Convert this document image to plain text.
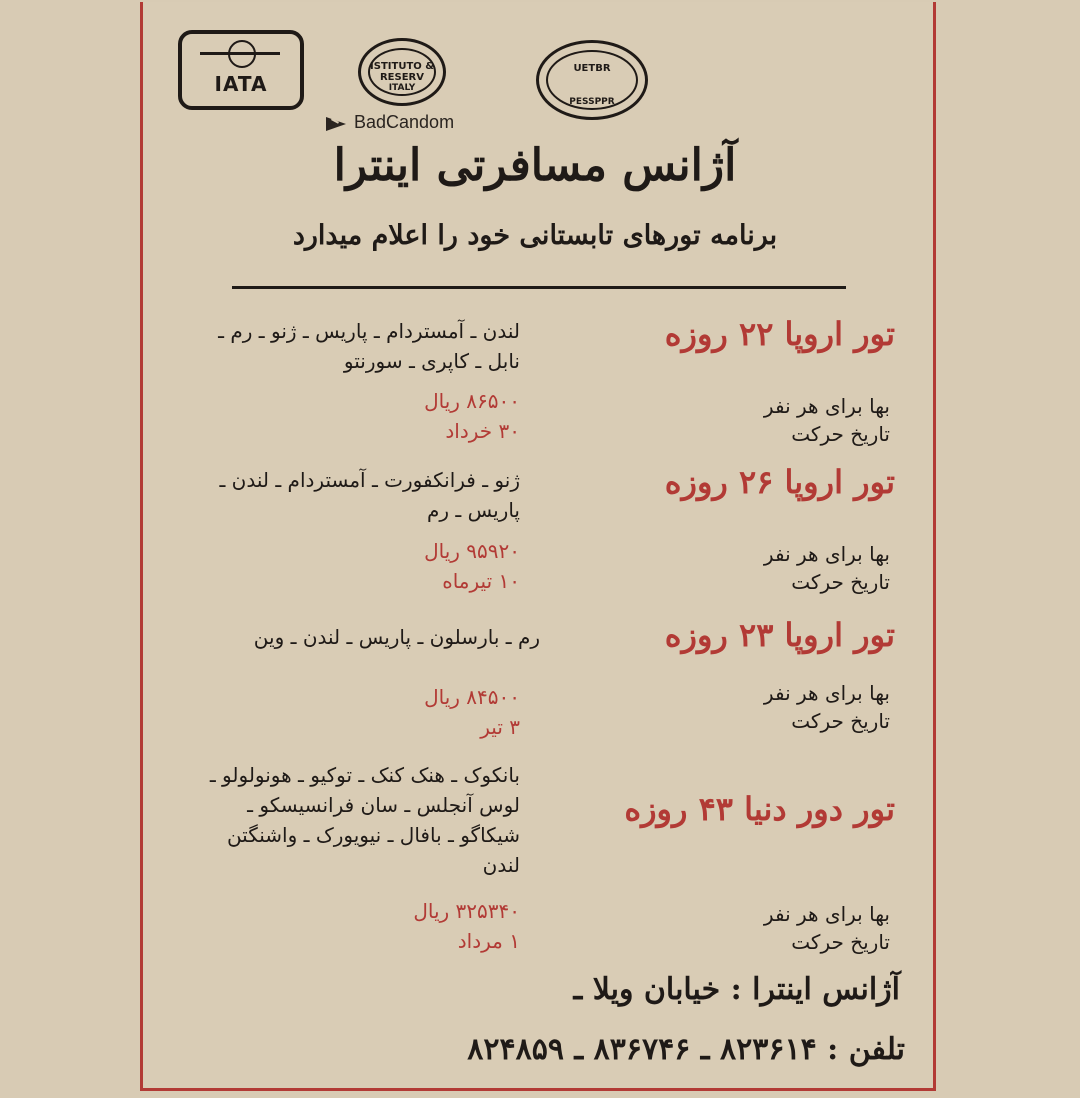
IATA
ISTITUTO & RESERV
ITALY
UETBR
PESSPPR
BadCandom
آژانس مسافرتی اینترا
برنامه تورهای تابستانی خود را اعلام میدارد
تور اروپا ۲۲ روزه
لندن ـ آمستردام ـ پاریس ـ ژنو ـ رم ـ
نابل ـ کاپری ـ سورنتو
بها برای هر نفر
تاریخ حرکت
۸۶۵۰۰ ریال
۳۰ خرداد
تور اروپا ۲۶ روزه
ژنو ـ فرانکفورت ـ آمستردام ـ لندن ـ
پاریس ـ رم
بها برای هر نفر
تاریخ حرکت
۹۵۹۲۰ ریال
۱۰ تیرماه
تور اروپا ۲۳ روزه
رم ـ بارسلون ـ پاریس ـ لندن ـ وین
بها برای هر نفر
تاریخ حرکت
۸۴۵۰۰ ریال
۳ تیر
تور دور دنیا ۴۳ روزه
بانکوک ـ هنک کنک ـ توکیو ـ هونولولو ـ
لوس آنجلس ـ سان فرانسیسکو ـ
شیکاگو ـ بافال ـ نیویورک ـ واشنگتن
لندن
بها برای هر نفر
تاریخ حرکت
۳۲۵۳۴۰ ریال
۱ مرداد
آژانس اینترا : خیابان ویلا ـ
تلفن : ۸۲۳۶۱۴ ـ ۸۳۶۷۴۶ ـ ۸۲۴۸۵۹
